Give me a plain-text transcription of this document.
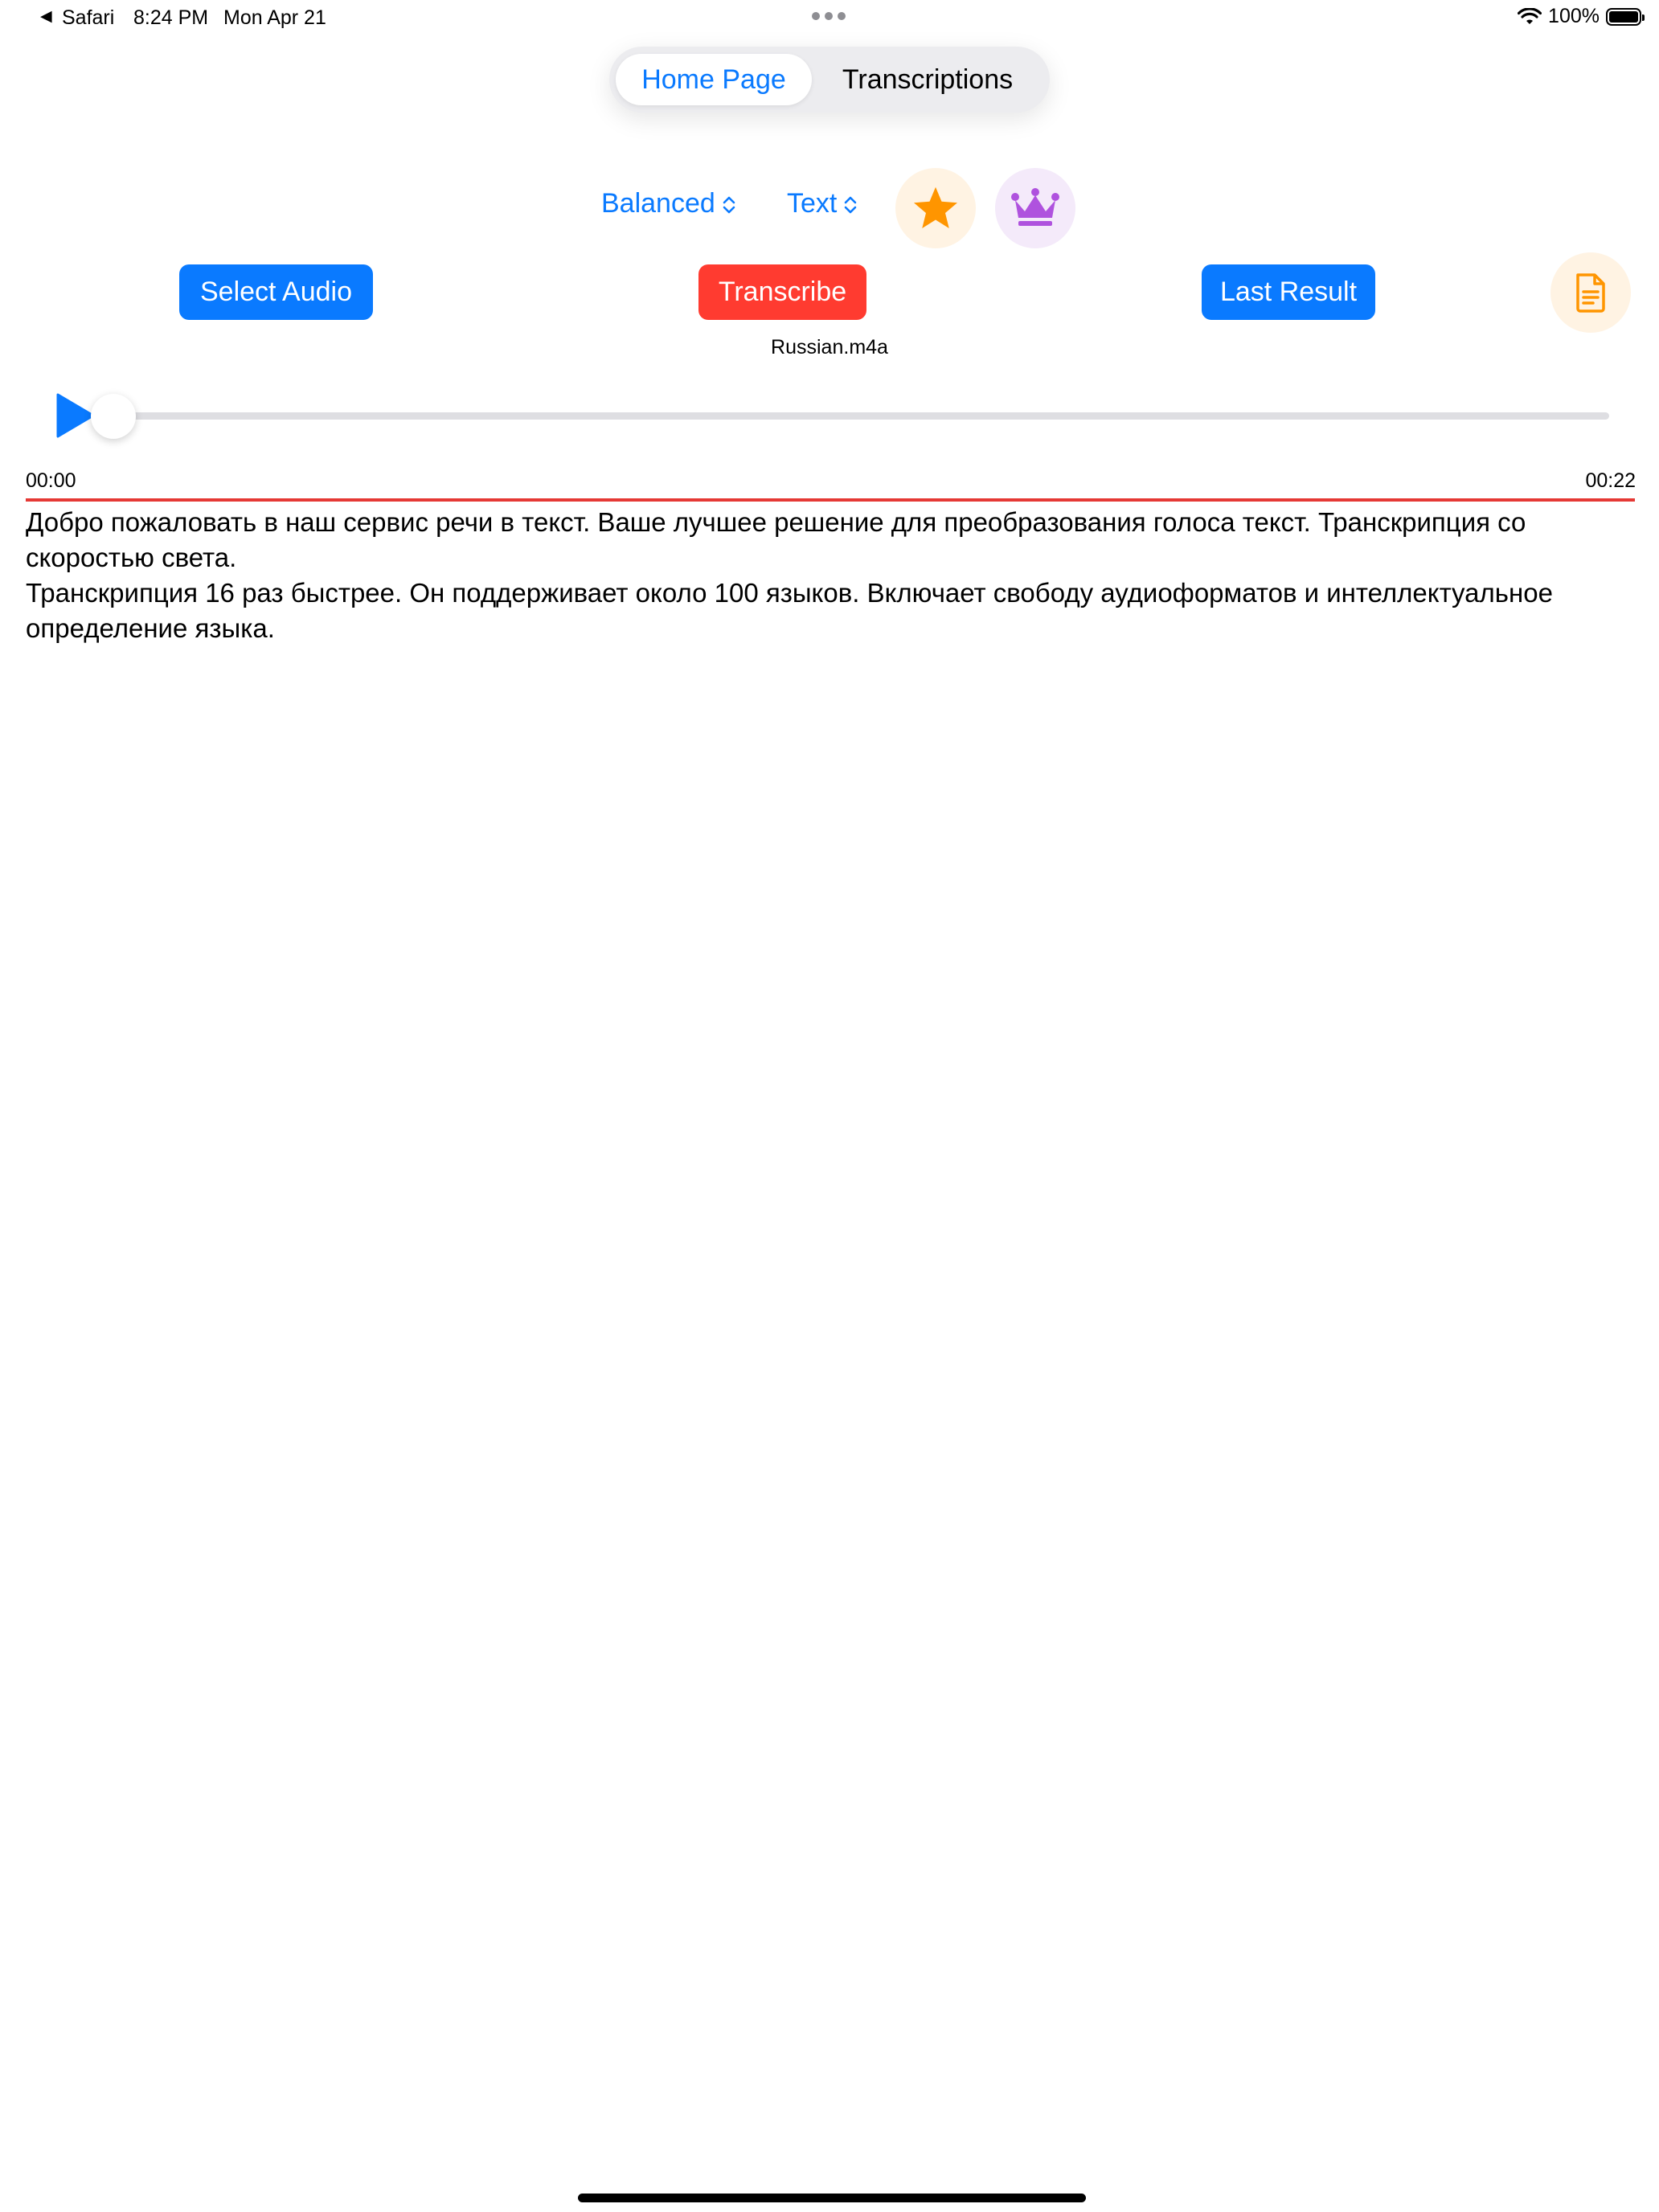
◀ Safari 8:24 PM Mon Apr 21	100%
Home Page	Transcriptions
Balanced	Text
Select Audio	Transcribe	Last Result
Russian.m4a
00:00	00:22

Добро пожаловать в наш сервис речи в текст. Ваше лучшее решение для преобразования голоса текст. Транскрипция со скоростью света.

Транскрипция 16 раз быстрее. Он поддерживает около 100 языков. Включает свободу аудиоформатов и интеллектуальное определение языка.
